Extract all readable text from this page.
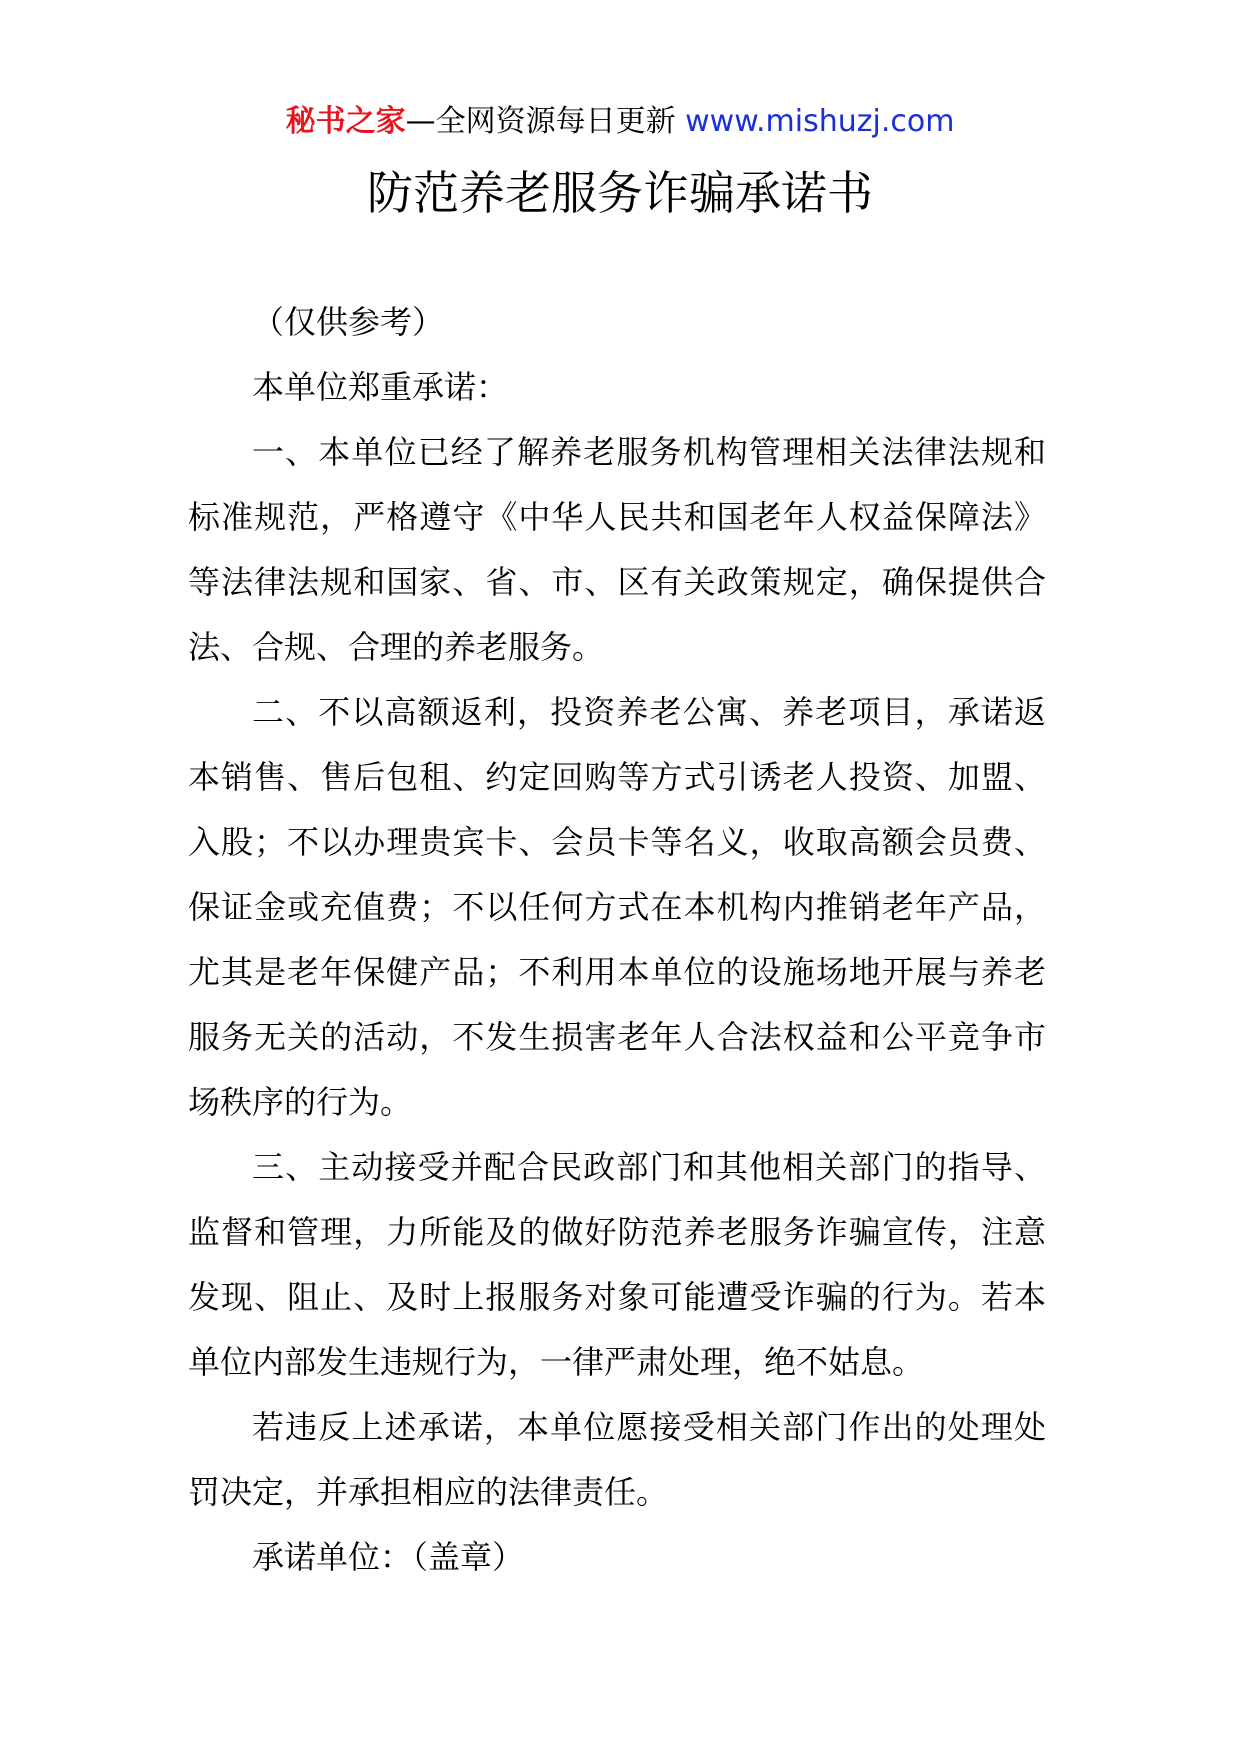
秘书之家—全网资源每日更新 www.mishuzj.com
防范养老服务诈骗承诺书

（仅供参考）

本单位郑重承诺：

一、本单位已经了解养老服务机构管理相关法律法规和标准规范，严格遵守《中华人民共和国老年人权益保障法》等法律法规和国家、省、市、区有关政策规定，确保提供合法、合规、合理的养老服务。

二、不以高额返利，投资养老公寓、养老项目，承诺返本销售、售后包租、约定回购等方式引诱老人投资、加盟、入股；不以办理贵宾卡、会员卡等名义，收取高额会员费、保证金或充值费；不以任何方式在本机构内推销老年产品，尤其是老年保健产品；不利用本单位的设施场地开展与养老服务无关的活动，不发生损害老年人合法权益和公平竞争市场秩序的行为。

三、主动接受并配合民政部门和其他相关部门的指导、监督和管理，力所能及的做好防范养老服务诈骗宣传，注意发现、阻止、及时上报服务对象可能遭受诈骗的行为。若本单位内部发生违规行为，一律严肃处理，绝不姑息。

若违反上述承诺，本单位愿接受相关部门作出的处理处罚决定，并承担相应的法律责任。

承诺单位：（盖章）
